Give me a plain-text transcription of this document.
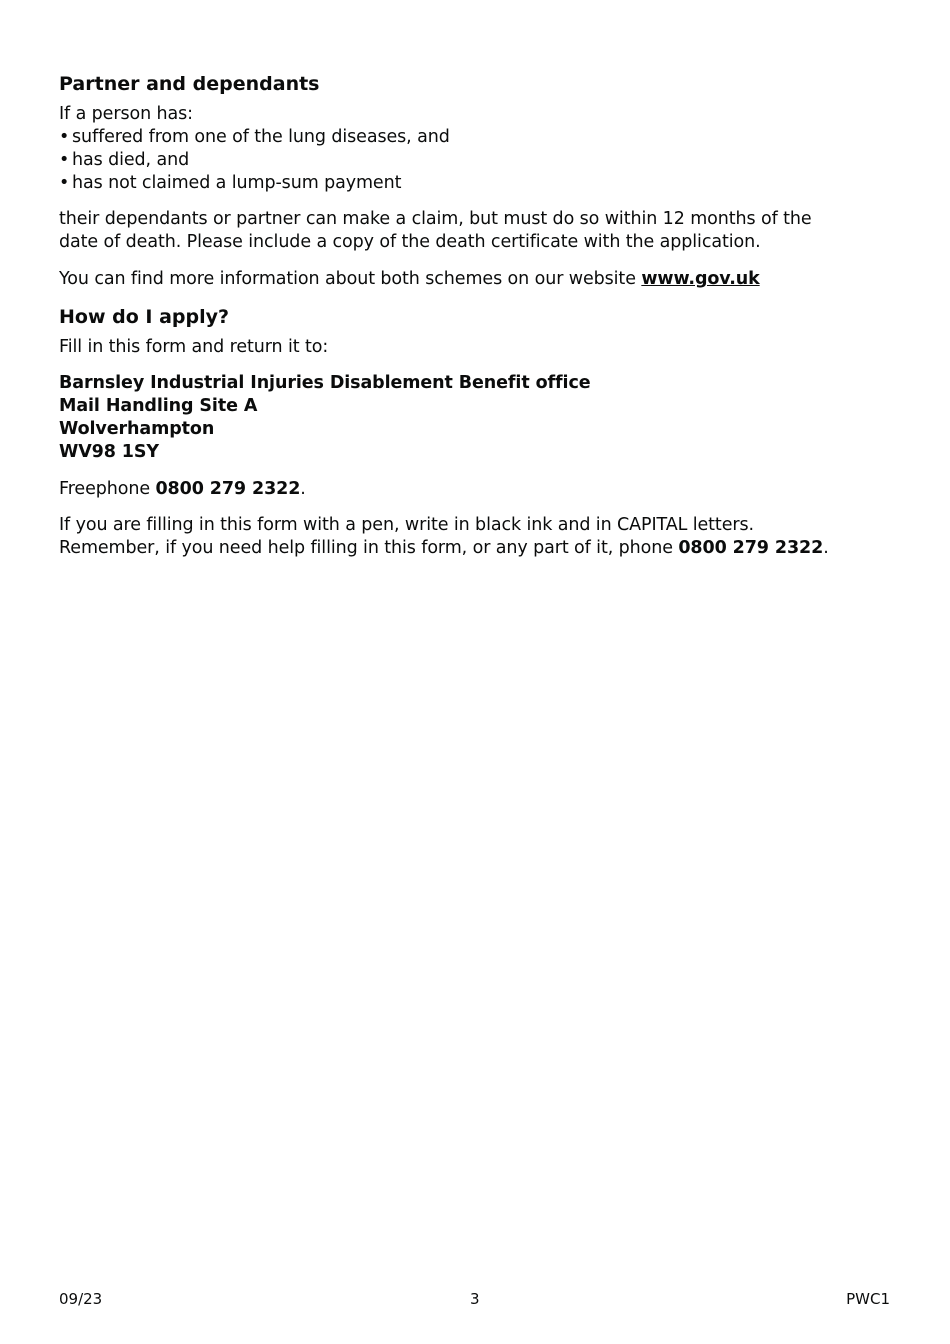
Partner and dependants

If a person has:

• suffered from one of the lung diseases, and
• has died, and
• has not claimed a lump-sum payment

their dependants or partner can make a claim, but must do so within 12 months of the

date of death. Please include a copy of the death certificate with the application.

You can find more information about both schemes on our website www.gov.uk

How do I apply?

Fill in this form and return it to:

Barnsley Industrial Injuries Disablement Benefit office

Mail Handling Site A

Wolverhampton

WV98 1SY

Freephone 0800 279 2322.

If you are filling in this form with a pen, write in black ink and in CAPITAL letters.

Remember, if you need help filling in this form, or any part of it, phone 0800 279 2322.

09/23	3	PWC1
